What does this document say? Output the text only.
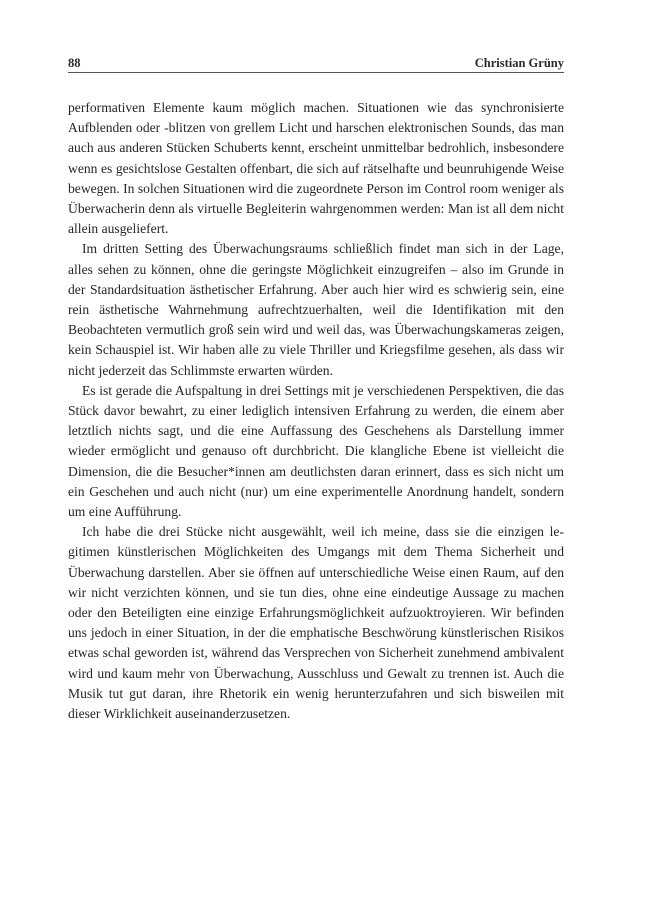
88	Christian Grüny

performativen Elemente kaum möglich machen. Situationen wie das synchronisierte Aufblenden oder -blitzen von grellem Licht und harschen elektronischen Sounds, das man auch aus anderen Stücken Schuberts kennt, erscheint unmittelbar bedrohlich, insbesondere wenn es gesichtslose Gestalten offenbart, die sich auf rätselhafte und beunruhigende Weise bewegen. In solchen Situationen wird die zugeordnete Person im Control room weniger als Überwacherin denn als virtuelle Begleiterin wahrgenommen werden: Man ist all dem nicht allein ausgeliefert.

Im dritten Setting des Überwachungsraums schließlich findet man sich in der Lage, alles sehen zu können, ohne die geringste Möglichkeit einzugreifen – also im Grunde in der Standardsituation ästhetischer Erfahrung. Aber auch hier wird es schwierig sein, eine rein ästhetische Wahrnehmung aufrechtzuerhalten, weil die Identifikation mit den Beobachteten vermutlich groß sein wird und weil das, was Überwachungskameras zeigen, kein Schauspiel ist. Wir haben alle zu viele Thriller und Kriegsfilme gesehen, als dass wir nicht jederzeit das Schlimmste erwarten würden.

Es ist gerade die Aufspaltung in drei Settings mit je verschiedenen Perspektiven, die das Stück davor bewahrt, zu einer lediglich intensiven Erfahrung zu werden, die einem aber letztlich nichts sagt, und die eine Auffassung des Geschehens als Darstellung immer wieder ermöglicht und genauso oft durchbricht. Die klangliche Ebene ist vielleicht die Dimension, die die Besucher*innen am deutlichsten daran erinnert, dass es sich nicht um ein Geschehen und auch nicht (nur) um eine experimentelle Anordnung handelt, sondern um eine Aufführung.

Ich habe die drei Stücke nicht ausgewählt, weil ich meine, dass sie die einzigen legitimen künstlerischen Möglichkeiten des Umgangs mit dem Thema Sicherheit und Überwachung darstellen. Aber sie öffnen auf unterschiedliche Weise einen Raum, auf den wir nicht verzichten können, und sie tun dies, ohne eine eindeutige Aussage zu machen oder den Beteiligten eine einzige Erfahrungsmöglichkeit aufzuoktroyieren. Wir befinden uns jedoch in einer Situation, in der die emphatische Beschwörung künstlerischen Risikos etwas schal geworden ist, während das Versprechen von Sicherheit zunehmend ambivalent wird und kaum mehr von Überwachung, Ausschluss und Gewalt zu trennen ist. Auch die Musik tut gut daran, ihre Rhetorik ein wenig herunterzufahren und sich bisweilen mit dieser Wirklichkeit auseinanderzusetzen.
